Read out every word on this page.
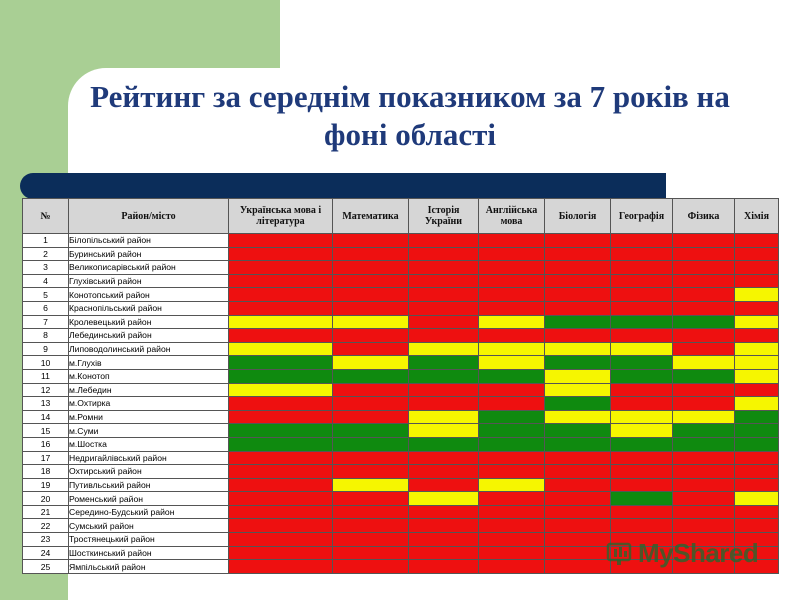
Рейтинг за середнім показником за 7 років на фоні області
№	Район/місто	Українська мова і література	Математика	Історія України	Англійська мова	Біологія	Географія	Фізика	Хімія
1	Білопільський район								
2	Буринський район								
3	Великописарівський район								
4	Глухівський район								
5	Конотопський район								
6	Краснопільський район								
7	Кролевецький район								
8	Лебединський район								
9	Липоводолинський район								
10	м.Глухів								
11	м.Конотоп								
12	м.Лебедин								
13	м.Охтирка								
14	м.Ромни								
15	м.Суми								
16	м.Шостка								
17	Недригайлівський район								
18	Охтирський район								
19	Путивльський район								
20	Роменський район								
21	Середино-Будський район								
22	Сумський район								
23	Тростянецький район								
24	Шосткинський район								
25	Ямпільський район									MyShared
